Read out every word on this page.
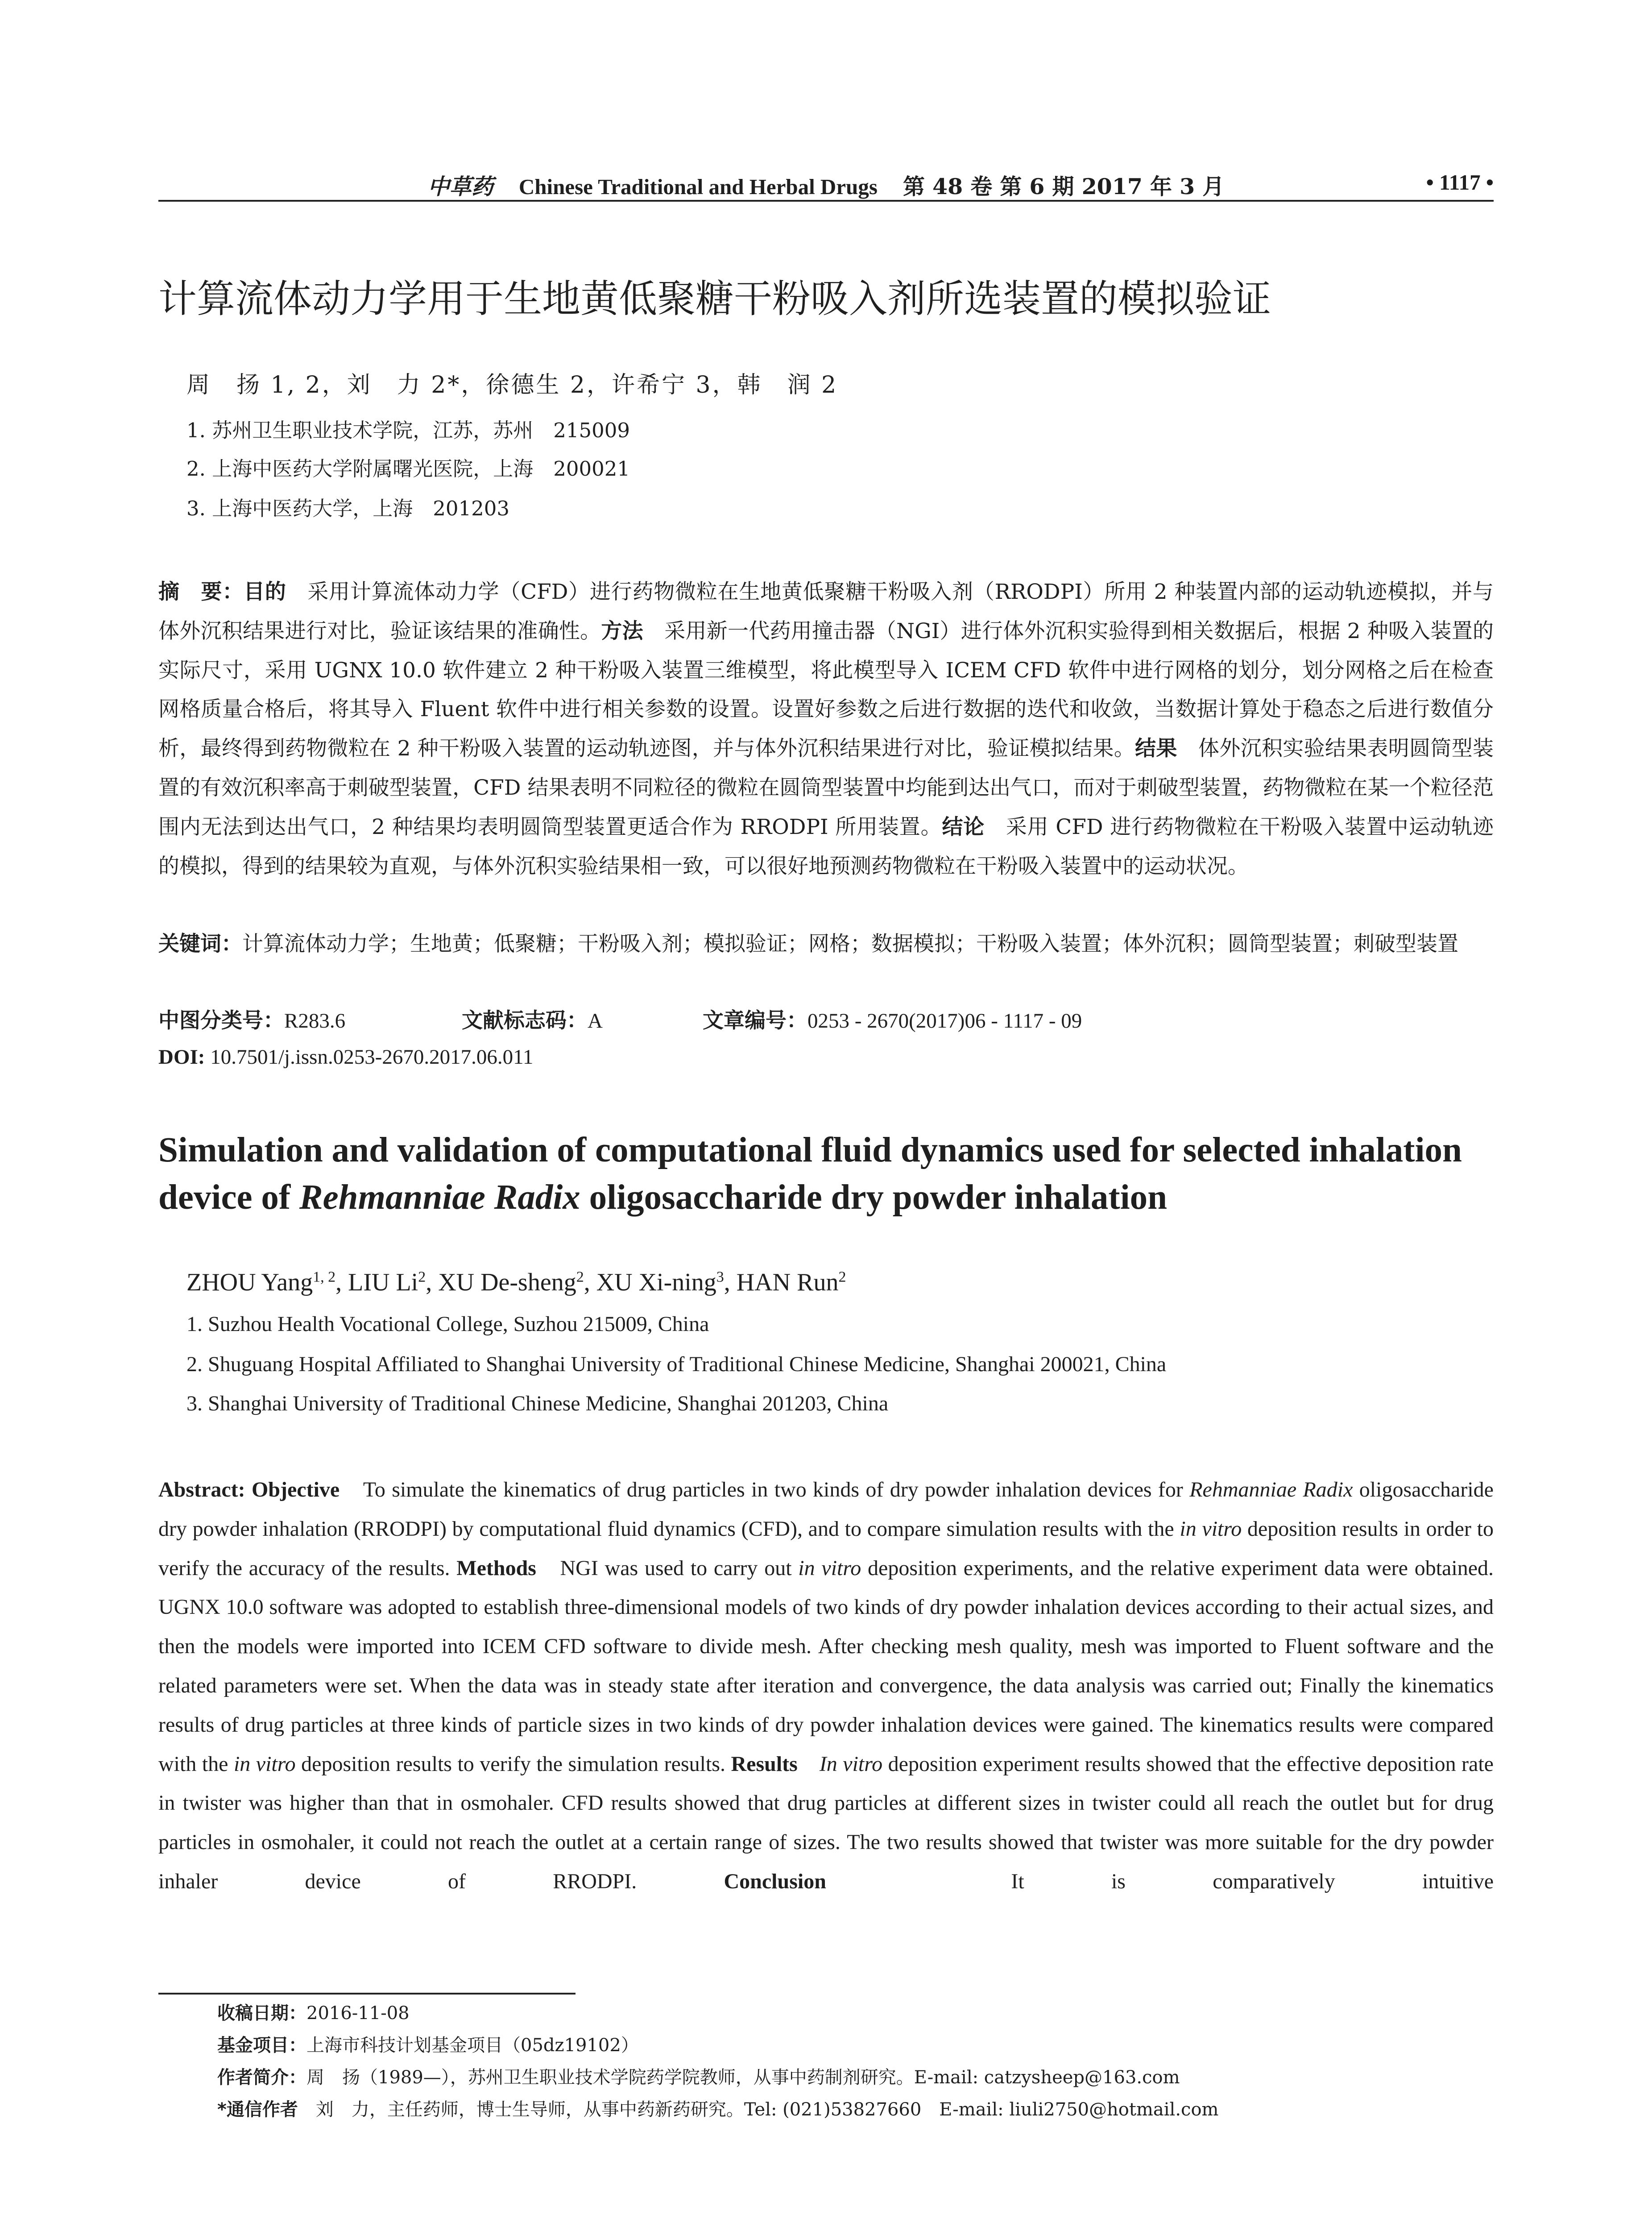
中草药 Chinese Traditional and Herbal Drugs 第 48 卷 第 6 期 2017 年 3 月	• 1117 •
计算流体动力学用于生地黄低聚糖干粉吸入剂所选装置的模拟验证
周　扬 1, 2，刘　力 2*，徐德生 2，许希宁 3，韩　润 2
1. 苏州卫生职业技术学院，江苏，苏州　215009
2. 上海中医药大学附属曙光医院，上海　200021
3. 上海中医药大学，上海　201203
摘　要：目的　采用计算流体动力学（CFD）进行药物微粒在生地黄低聚糖干粉吸入剂（RRODPI）所用 2 种装置内部的运动轨迹模拟，并与体外沉积结果进行对比，验证该结果的准确性。方法　采用新一代药用撞击器（NGI）进行体外沉积实验得到相关数据后，根据 2 种吸入装置的实际尺寸，采用 UGNX 10.0 软件建立 2 种干粉吸入装置三维模型，将此模型导入 ICEM CFD 软件中进行网格的划分，划分网格之后在检查网格质量合格后，将其导入 Fluent 软件中进行相关参数的设置。设置好参数之后进行数据的迭代和收敛，当数据计算处于稳态之后进行数值分析，最终得到药物微粒在 2 种干粉吸入装置的运动轨迹图，并与体外沉积结果进行对比，验证模拟结果。结果　体外沉积实验结果表明圆筒型装置的有效沉积率高于刺破型装置，CFD 结果表明不同粒径的微粒在圆筒型装置中均能到达出气口，而对于刺破型装置，药物微粒在某一个粒径范围内无法到达出气口，2 种结果均表明圆筒型装置更适合作为 RRODPI 所用装置。结论　采用 CFD 进行药物微粒在干粉吸入装置中运动轨迹的模拟，得到的结果较为直观，与体外沉积实验结果相一致，可以很好地预测药物微粒在干粉吸入装置中的运动状况。
关键词：计算流体动力学；生地黄；低聚糖；干粉吸入剂；模拟验证；网格；数据模拟；干粉吸入装置；体外沉积；圆筒型装置；刺破型装置
中图分类号：R283.6	文献标志码：A	文章编号：0253 - 2670(2017)06 - 1117 - 09
DOI: 10.7501/j.issn.0253-2670.2017.06.011
Simulation and validation of computational fluid dynamics used for selected inhalation device of Rehmanniae Radix oligosaccharide dry powder inhalation
ZHOU Yang$^{1, 2}$, LIU Li$^2$, XU De-sheng$^2$, XU Xi-ning$^3$, HAN Run$^2$
1. Suzhou Health Vocational College, Suzhou 215009, China
2. Shuguang Hospital Affiliated to Shanghai University of Traditional Chinese Medicine, Shanghai 200021, China
3. Shanghai University of Traditional Chinese Medicine, Shanghai 201203, China
Abstract: Objective　To simulate the kinematics of drug particles in two kinds of dry powder inhalation devices for Rehmanniae Radix oligosaccharide dry powder inhalation (RRODPI) by computational fluid dynamics (CFD), and to compare simulation results with the in vitro deposition results in order to verify the accuracy of the results. Methods　NGI was used to carry out in vitro deposition experiments, and the relative experiment data were obtained. UGNX 10.0 software was adopted to establish three-dimensional models of two kinds of dry powder inhalation devices according to their actual sizes, and then the models were imported into ICEM CFD software to divide mesh. After checking mesh quality, mesh was imported to Fluent software and the related parameters were set. When the data was in steady state after iteration and convergence, the data analysis was carried out; Finally the kinematics results of drug particles at three kinds of particle sizes in two kinds of dry powder inhalation devices were gained. The kinematics results were compared with the in vitro deposition results to verify the simulation results. Results　 In vitro deposition experiment results showed that the effective deposition rate in twister was higher than that in osmohaler. CFD results showed that drug particles at different sizes in twister could all reach the outlet but for drug particles in osmohaler, it could not reach the outlet at a certain range of sizes. The two results showed that twister was more suitable for the dry powder inhaler device of RRODPI. Conclusion　It is comparatively intuitive
收稿日期：2016-11-08
基金项目：上海市科技计划基金项目（05dz19102）
作者简介：周　扬（1989—），苏州卫生职业技术学院药学院教师，从事中药制剂研究。E-mail: catzysheep@163.com
*通信作者　刘　力，主任药师，博士生导师，从事中药新药研究。Tel: (021)53827660　E-mail: liuli2750@hotmail.com
